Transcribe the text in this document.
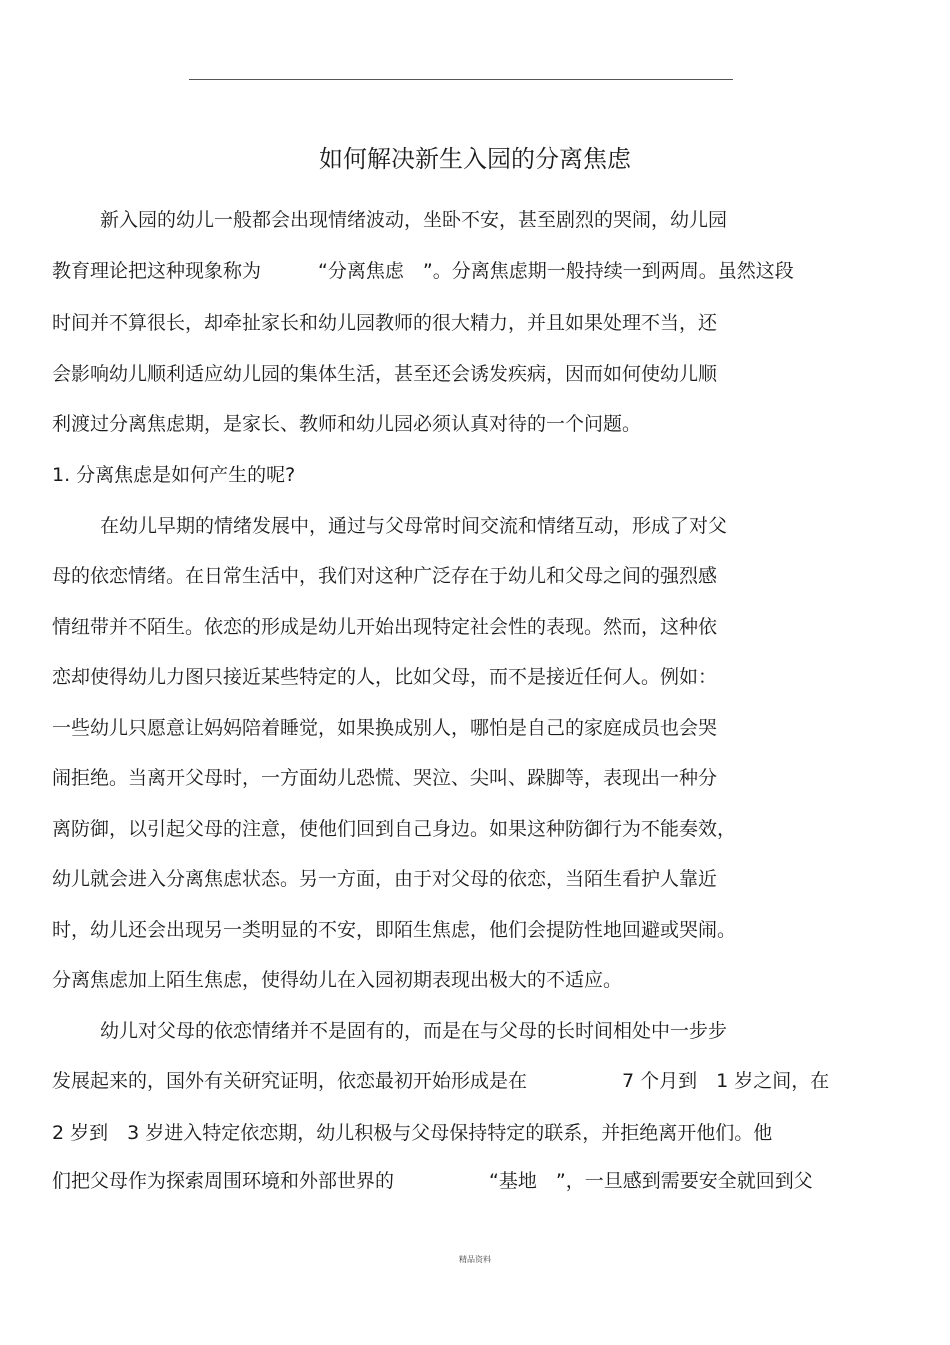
如何解决新生入园的分离焦虑
新入园的幼儿一般都会出现情绪波动，坐卧不安，甚至剧烈的哭闹，幼儿园
教育理论把这种现象称为　　　“分离焦虑　”。分离焦虑期一般持续一到两周。虽然这段
时间并不算很长，却牵扯家长和幼儿园教师的很大精力，并且如果处理不当，还
会影响幼儿顺利适应幼儿园的集体生活，甚至还会诱发疾病，因而如何使幼儿顺
利渡过分离焦虑期，是家长、教师和幼儿园必须认真对待的一个问题。
1. 分离焦虑是如何产生的呢?
在幼儿早期的情绪发展中，通过与父母常时间交流和情绪互动，形成了对父
母的依恋情绪。在日常生活中，我们对这种广泛存在于幼儿和父母之间的强烈感
情纽带并不陌生。依恋的形成是幼儿开始出现特定社会性的表现。然而，这种依
恋却使得幼儿力图只接近某些特定的人，比如父母，而不是接近任何人。例如：
一些幼儿只愿意让妈妈陪着睡觉，如果换成别人，哪怕是自己的家庭成员也会哭
闹拒绝。当离开父母时，一方面幼儿恐慌、哭泣、尖叫、跺脚等，表现出一种分
离防御，以引起父母的注意，使他们回到自己身边。如果这种防御行为不能奏效，
幼儿就会进入分离焦虑状态。另一方面，由于对父母的依恋，当陌生看护人靠近
时，幼儿还会出现另一类明显的不安，即陌生焦虑，他们会提防性地回避或哭闹。
分离焦虑加上陌生焦虑，使得幼儿在入园初期表现出极大的不适应。
幼儿对父母的依恋情绪并不是固有的，而是在与父母的长时间相处中一步步
发展起来的，国外有关研究证明，依恋最初开始形成是在　　　　　7 个月到　1 岁之间，在
2 岁到　3 岁进入特定依恋期，幼儿积极与父母保持特定的联系，并拒绝离开他们。他
们把父母作为探索周围环境和外部世界的　　　　　“基地　”，一旦感到需要安全就回到父
精品资料
